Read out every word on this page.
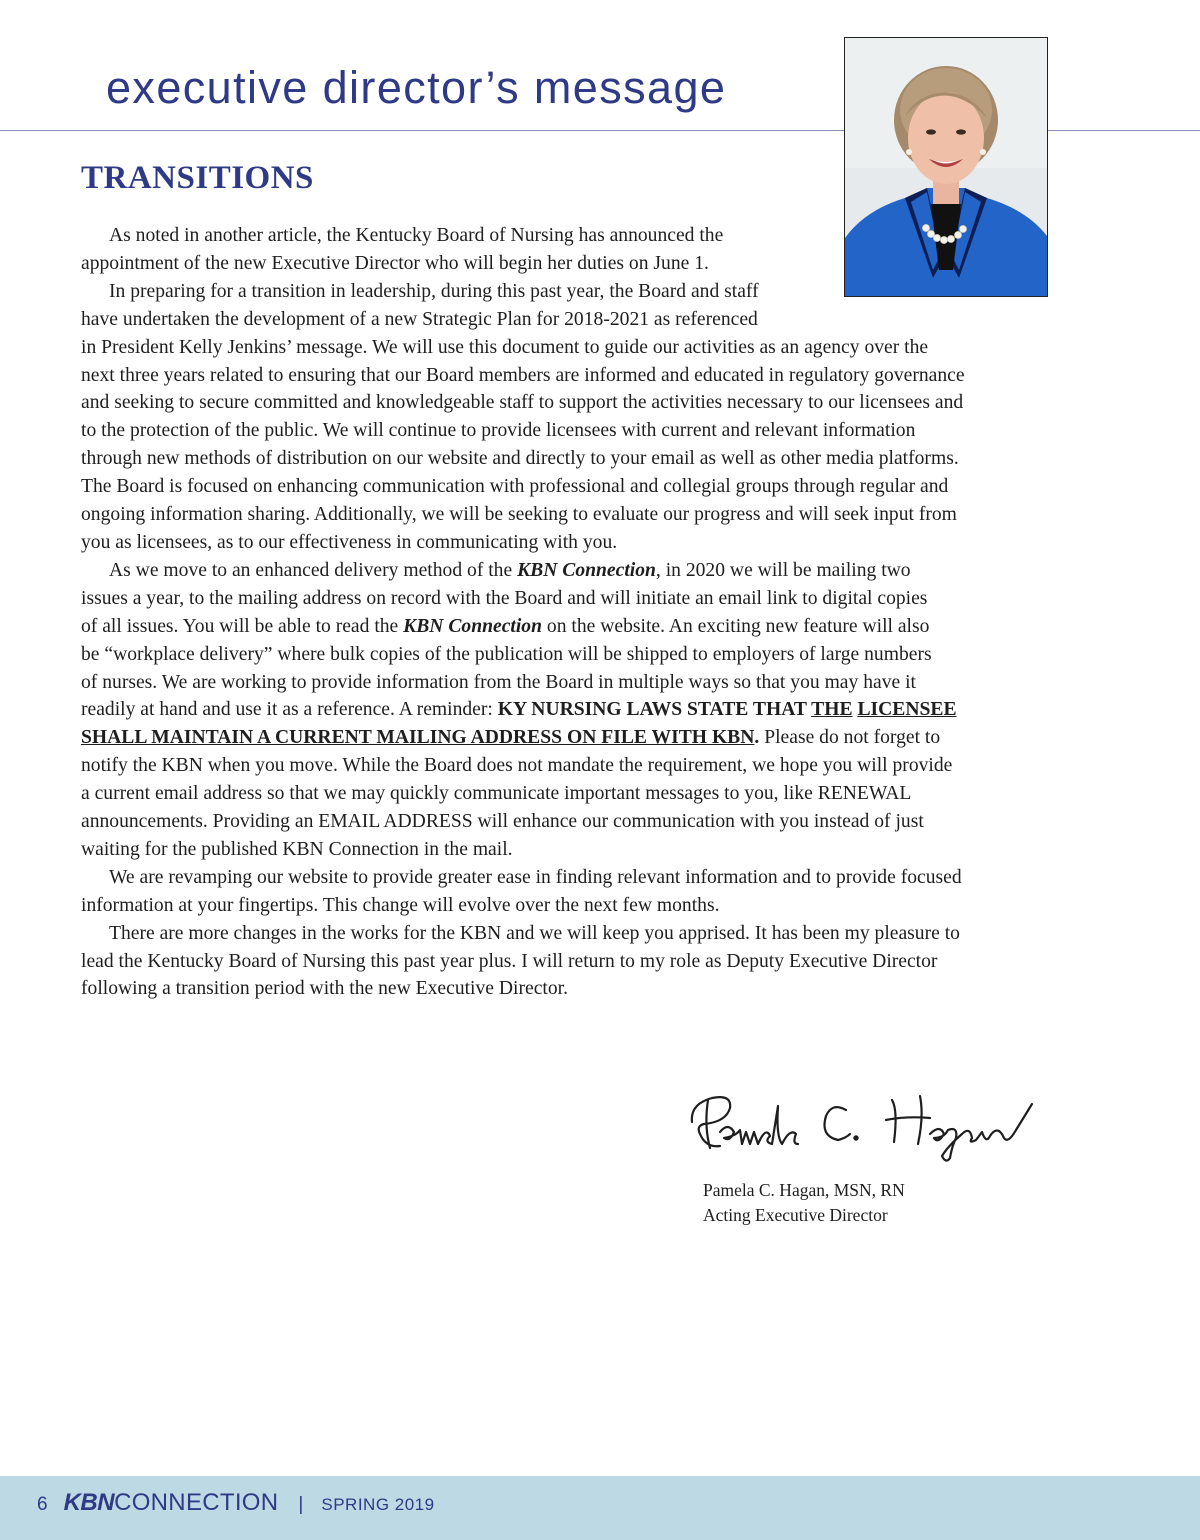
executive director’s message
TRANSITIONS
As noted in another article, the Kentucky Board of Nursing has announced the
appointment of the new Executive Director who will begin her duties on June 1.
In preparing for a transition in leadership, during this past year, the Board and staff
have undertaken the development of a new Strategic Plan for 2018-2021 as referenced
in President Kelly Jenkins’ message. We will use this document to guide our activities as an agency over the
next three years related to ensuring that our Board members are informed and educated in regulatory governance
and seeking to secure committed and knowledgeable staff to support the activities necessary to our licensees and
to the protection of the public. We will continue to provide licensees with current and relevant information
through new methods of distribution on our website and directly to your email as well as other media platforms.
The Board is focused on enhancing communication with professional and collegial groups through regular and
ongoing information sharing. Additionally, we will be seeking to evaluate our progress and will seek input from
you as licensees, as to our effectiveness in communicating with you.
As we move to an enhanced delivery method of the KBN Connection, in 2020 we will be mailing two
issues a year, to the mailing address on record with the Board and will initiate an email link to digital copies
of all issues. You will be able to read the KBN Connection on the website. An exciting new feature will also
be “workplace delivery” where bulk copies of the publication will be shipped to employers of large numbers
of nurses. We are working to provide information from the Board in multiple ways so that you may have it
readily at hand and use it as a reference. A reminder: KY NURSING LAWS STATE THAT THE LICENSEE
SHALL MAINTAIN A CURRENT MAILING ADDRESS ON FILE WITH KBN. Please do not forget to
notify the KBN when you move. While the Board does not mandate the requirement, we hope you will provide
a current email address so that we may quickly communicate important messages to you, like RENEWAL
announcements. Providing an EMAIL ADDRESS will enhance our communication with you instead of just
waiting for the published KBN Connection in the mail.
We are revamping our website to provide greater ease in finding relevant information and to provide focused
information at your fingertips. This change will evolve over the next few months.
There are more changes in the works for the KBN and we will keep you apprised. It has been my pleasure to
lead the Kentucky Board of Nursing this past year plus. I will return to my role as Deputy Executive Director
following a transition period with the new Executive Director.
Pamela C. Hagan, MSN, RN
Acting Executive Director
6 KBN CONNECTION | SPRING 2019
